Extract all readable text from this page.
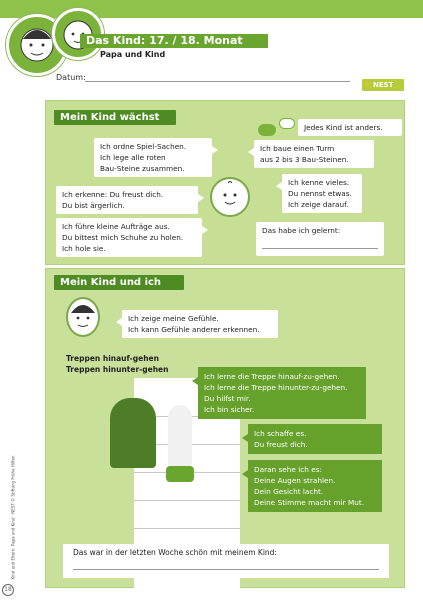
Das Kind: 17. / 18. Monat
Papa und Kind
Datum:
✦ NEST
Mein Kind wächst
Jedes Kind ist anders.
Ich ordne Spiel-Sachen.
Ich lege alle roten
Bau-Steine zusammen.
Ich baue einen Turm
aus 2 bis 3 Bau-Steinen.
Ich erkenne: Du freust dich.
Du bist ärgerlich.
Ich kenne vieles.
Du nennst etwas.
Ich zeige darauf.
Ich führe kleine Aufträge aus.
Du bittest mich Schuhe zu holen.
Ich hole sie.
Das habe ich gelernt:
Mein Kind und ich
Ich zeige meine Gefühle.
Ich kann Gefühle anderer erkennen.
Treppen hinauf-gehen
Treppen hinunter-gehen
Ich lerne die Treppe hinauf-zu-gehen.
Ich lerne die Treppe hinunter-zu-gehen.
Du hilfst mir.
Ich bin sicher.
Ich schaffe es.
Du freust dich.
Daran sehe ich es:
Deine Augen strahlen.
Dein Gesicht lacht.
Deine Stimme macht mir Mut.
Das war in der letzten Woche schön mit meinem Kind:
Kind und Eltern: Papa und Kind · NEST © Stiftung Frühe Hilfen
18
